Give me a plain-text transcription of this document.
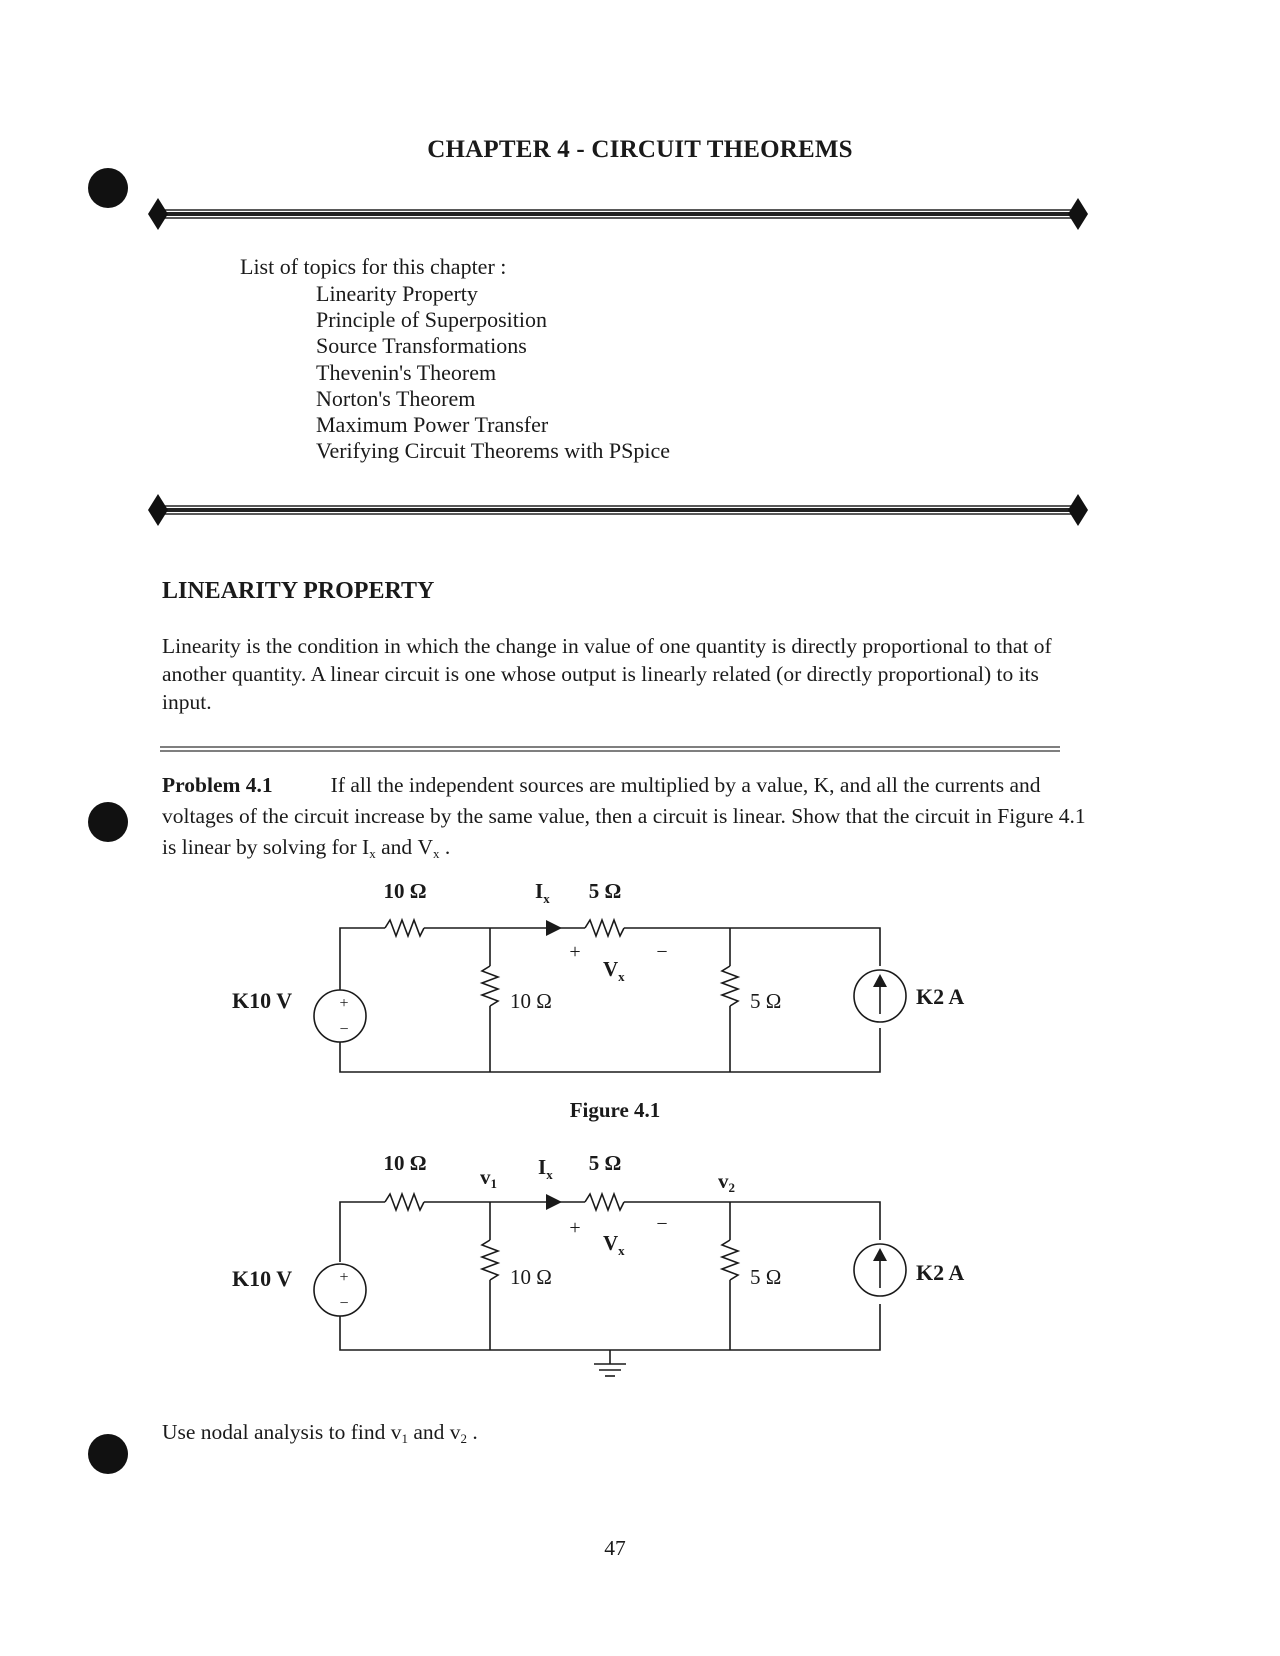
CHAPTER 4 - CIRCUIT THEOREMS
List of topics for this chapter :
Linearity Property
Principle of Superposition
Source Transformations
Thevenin's Theorem
Norton's Theorem
Maximum Power Transfer
Verifying Circuit Theorems with PSpice
LINEARITY PROPERTY

Linearity is the condition in which the change in value of one quantity is directly proportional to that of another quantity. A linear circuit is one whose output is linearly related (or directly proportional) to its input.

Problem 4.1	If all the independent sources are multiplied by a value, K, and all the currents and voltages of the circuit increase by the same value, then a circuit is linear. Show that the circuit in Figure 4.1 is linear by solving for $I_x$ and $V_x$ .

+
−
10 Ω	$I_x$ 5 Ω
+	−
$V_x$
K10 V	10 Ω	5 Ω	K2 A
Figure 4.1
+
−
10 Ω
v1
$I_x$ 5 Ω
v2
+	−
$V_x$
K10 V	10 Ω	5 Ω	K2 A
Use nodal analysis to find $v_1$ and $v_2$ .
47
